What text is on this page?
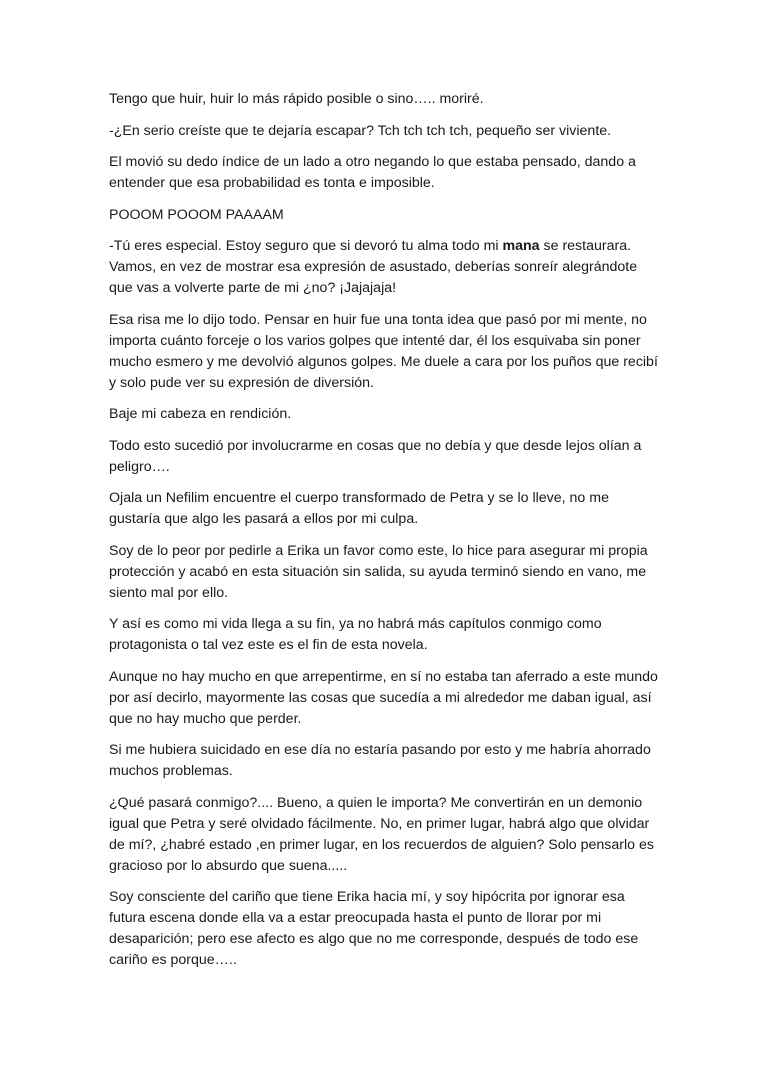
Tengo que huir, huir lo más rápido posible o sino….. moriré.

-¿En serio creíste que te dejaría escapar? Tch tch tch tch, pequeño ser viviente.

El movió su dedo índice de un lado a otro negando lo que estaba pensado, dando a entender que esa probabilidad es tonta e imposible.

POOOM POOOM PAAAAM

-Tú eres especial. Estoy seguro que si devoró tu alma todo mi mana se restaurara. Vamos, en vez de mostrar esa expresión de asustado, deberías sonreír alegrándote que vas a volverte parte de mi ¿no? ¡Jajajaja!

Esa risa me lo dijo todo. Pensar en huir fue una tonta idea que pasó por mi mente, no importa cuánto forceje o los varios golpes que intenté dar, él los esquivaba sin poner mucho esmero y me devolvió algunos golpes. Me duele a cara por los puños que recibí y solo pude ver su expresión de diversión.

Baje mi cabeza en rendición.

Todo esto sucedió por involucrarme en cosas que no debía y que desde lejos olían a peligro….

Ojala un Nefilim encuentre el cuerpo transformado de Petra y se lo lleve, no me gustaría que algo les pasará a ellos por mi culpa.

Soy de lo peor por pedirle a Erika un favor como este, lo hice para asegurar mi propia protección y acabó en esta situación sin salida, su ayuda terminó siendo en vano, me siento mal por ello.

Y así es como mi vida llega a su fin, ya no habrá más capítulos conmigo como protagonista o tal vez este es el fin de esta novela.

Aunque no hay mucho en que arrepentirme, en sí no estaba tan aferrado a este mundo por así decirlo, mayormente las cosas que sucedía a mi alrededor me daban igual, así que no hay mucho que perder.

Si me hubiera suicidado en ese día no estaría pasando por esto y me habría ahorrado muchos problemas.

¿Qué pasará conmigo?.... Bueno, a quien le importa? Me convertirán en un demonio igual que Petra y seré olvidado fácilmente. No, en primer lugar, habrá algo que olvidar de mí?, ¿habré estado ,en primer lugar, en los recuerdos de alguien? Solo pensarlo es gracioso por lo absurdo que suena.....

Soy consciente del cariño que tiene Erika hacia mí, y soy hipócrita por ignorar esa futura escena donde ella va a estar preocupada hasta el punto de llorar por mi desaparición; pero ese afecto es algo que no me corresponde, después de todo ese cariño es porque…..
